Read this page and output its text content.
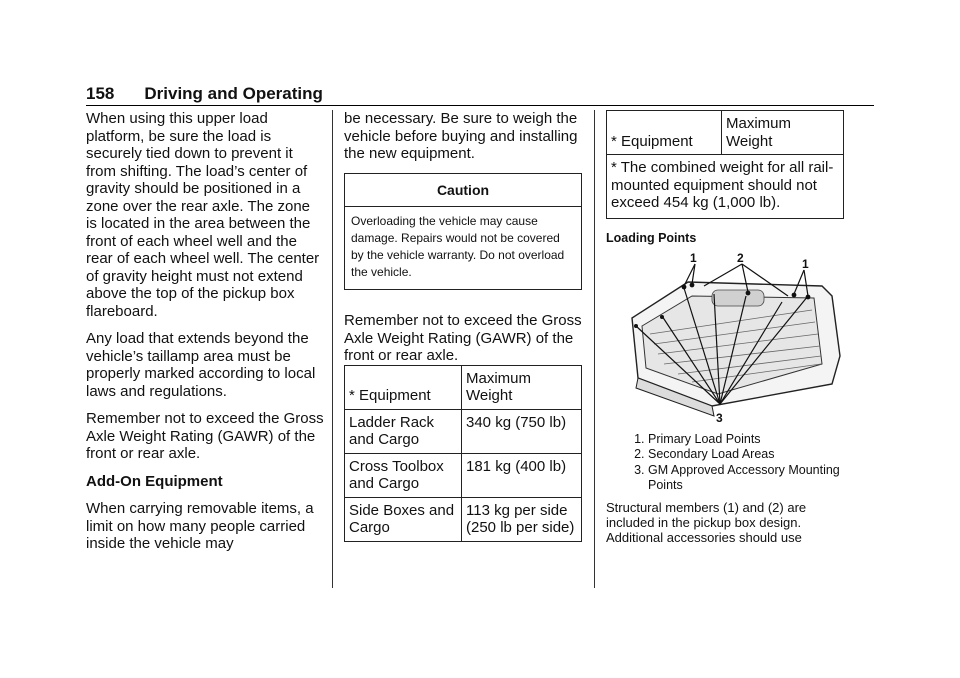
158 Driving and Operating

When using this upper load platform, be sure the load is securely tied down to prevent it from shifting. The load’s center of gravity should be positioned in a zone over the rear axle. The zone is located in the area between the front of each wheel well and the rear of each wheel well. The center of gravity height must not extend above the top of the pickup box flareboard.

Any load that extends beyond the vehicle’s taillamp area must be properly marked according to local laws and regulations.

Remember not to exceed the Gross Axle Weight Rating (GAWR) of the front or rear axle.

Add-On Equipment

When carrying removable items, a limit on how many people carried inside the vehicle may

be necessary. Be sure to weigh the vehicle before buying and installing the new equipment.

Caution
Overloading the vehicle may cause damage. Repairs would not be covered by the vehicle warranty. Do not overload the vehicle.

Remember not to exceed the Gross Axle Weight Rating (GAWR) of the front or rear axle.

* Equipment	Maximum Weight
Ladder Rack and Cargo	340 kg (750 lb)
Cross Toolbox and Cargo	181 kg (400 lb)
Side Boxes and Cargo	113 kg per side (250 lb per side)
* Equipment	Maximum Weight
* The combined weight for all rail-mounted equipment should not exceed 454 kg (1,000 lb).

Loading Points

1	2	1
3
1. Primary Load Points
2. Secondary Load Areas
3. GM Approved Accessory Mounting Points

Structural members (1) and (2) are included in the pickup box design. Additional accessories should use
